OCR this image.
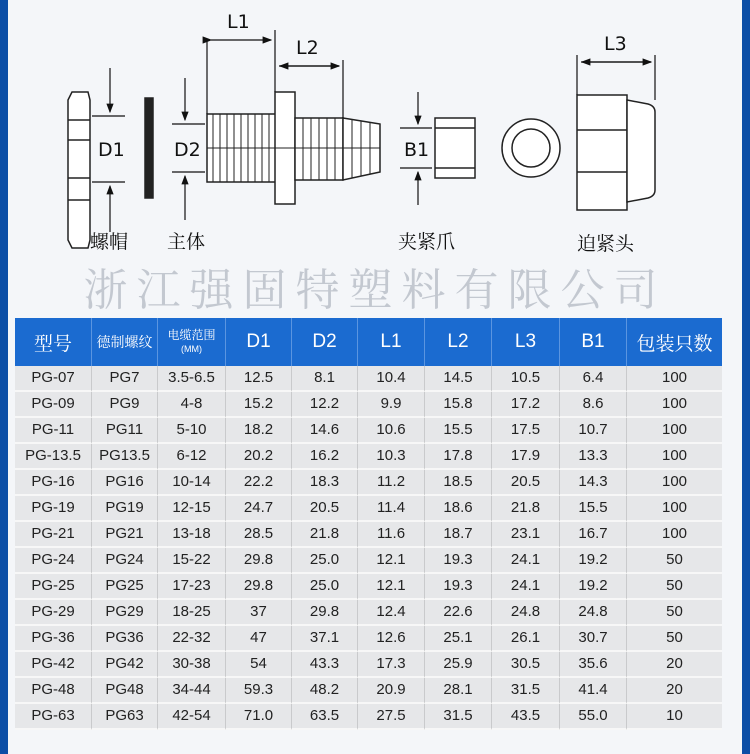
L1
L2	L3
D1	D2	B1
螺帽 主体	夹紧爪	迫紧头
浙江强固特塑料有限公司
型号	德制螺纹	电缆范围
(MM)	D1	D2	L1	L2	L3	B1	包装只数
PG-07	PG7	3.5-6.5	12.5	8.1	10.4	14.5	10.5	6.4	100
PG-09	PG9	4-8	15.2	12.2	9.9	15.8	17.2	8.6	100
PG-11	PG11	5-10	18.2	14.6	10.6	15.5	17.5	10.7	100
PG-13.5	PG13.5	6-12	20.2	16.2	10.3	17.8	17.9	13.3	100
PG-16	PG16	10-14	22.2	18.3	11.2	18.5	20.5	14.3	100
PG-19	PG19	12-15	24.7	20.5	11.4	18.6	21.8	15.5	100
PG-21	PG21	13-18	28.5	21.8	11.6	18.7	23.1	16.7	100
PG-24	PG24	15-22	29.8	25.0	12.1	19.3	24.1	19.2	50
PG-25	PG25	17-23	29.8	25.0	12.1	19.3	24.1	19.2	50
PG-29	PG29	18-25	37	29.8	12.4	22.6	24.8	24.8	50
PG-36	PG36	22-32	47	37.1	12.6	25.1	26.1	30.7	50
PG-42	PG42	30-38	54	43.3	17.3	25.9	30.5	35.6	20
PG-48	PG48	34-44	59.3	48.2	20.9	28.1	31.5	41.4	20
PG-63	PG63	42-54	71.0	63.5	27.5	31.5	43.5	55.0	10
